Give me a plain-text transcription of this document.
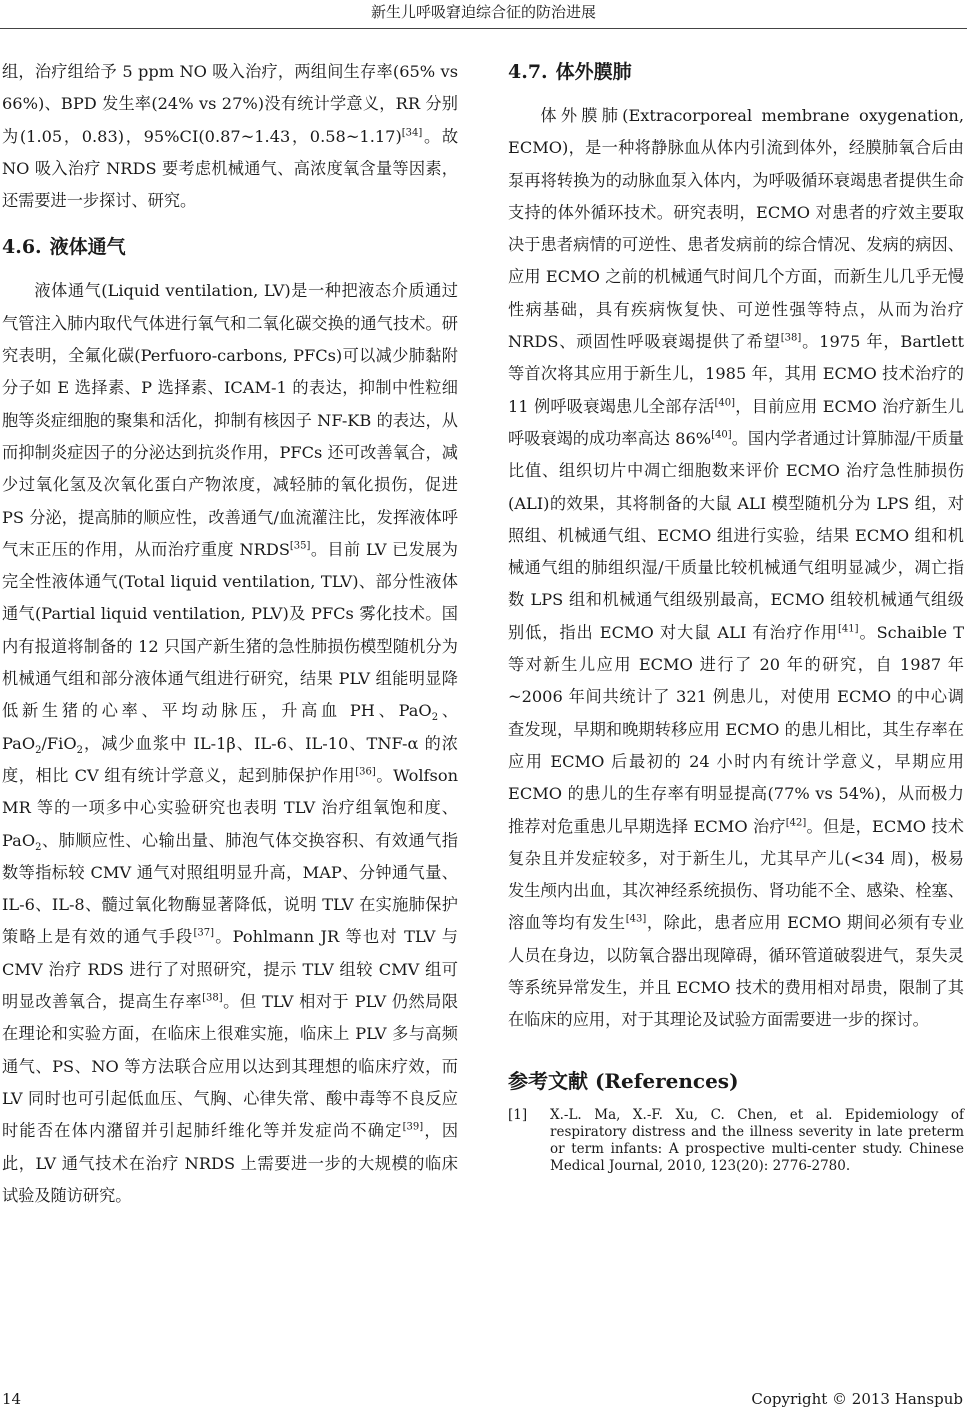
新生儿呼吸窘迫综合征的防治进展

组，治疗组给予 5 ppm NO 吸入治疗，两组间生存率(65% vs 66%)、BPD 发生率(24% vs 27%)没有统计学意义，RR 分别为(1.05，0.83)，95%CI(0.87~1.43，0.58~1.17)[34]。故 NO 吸入治疗 NRDS 要考虑机械通气、高浓度氧含量等因素，还需要进一步探讨、研究。

4.6. 液体通气

液体通气(Liquid ventilation, LV)是一种把液态介质通过气管注入肺内取代气体进行氧气和二氧化碳交换的通气技术。研究表明，全氟化碳(Perfuoro-carbons, PFCs)可以减少肺黏附分子如 E 选择素、P 选择素、ICAM-1 的表达，抑制中性粒细胞等炎症细胞的聚集和活化，抑制有核因子 NF-KB 的表达，从而抑制炎症因子的分泌达到抗炎作用，PFCs 还可改善氧合，减少过氧化氢及次氧化蛋白产物浓度，减轻肺的氧化损伤，促进 PS 分泌，提高肺的顺应性，改善通气/血流灌注比，发挥液体呼气末正压的作用，从而治疗重度 NRDS[35]。目前 LV 已发展为完全性液体通气(Total liquid ventilation, TLV)、部分性液体通气(Partial liquid ventilation, PLV)及 PFCs 雾化技术。国内有报道将制备的 12 只国产新生猪的急性肺损伤模型随机分为机械通气组和部分液体通气组进行研究，结果 PLV 组能明显降低新生猪的心率、平均动脉压，升高血 PH、PaO$_2$、PaO$_2$/FiO$_2$，减少血浆中 IL-1β、IL-6、IL-10、TNF-α 的浓度，相比 CV 组有统计学意义，起到肺保护作用[36]。Wolfson MR 等的一项多中心实验研究也表明 TLV 治疗组氧饱和度、PaO$_2$、肺顺应性、心输出量、肺泡气体交换容积、有效通气指数等指标较 CMV 通气对照组明显升高，MAP、分钟通气量、IL-6、IL-8、髓过氧化物酶显著降低，说明 TLV 在实施肺保护策略上是有效的通气手段[37]。Pohlmann JR 等也对 TLV 与 CMV 治疗 RDS 进行了对照研究，提示 TLV 组较 CMV 组可明显改善氧合，提高生存率[38]。但 TLV 相对于 PLV 仍然局限在理论和实验方面，在临床上很难实施，临床上 PLV 多与高频通气、PS、NO 等方法联合应用以达到其理想的临床疗效，而 LV 同时也可引起低血压、气胸、心律失常、酸中毒等不良反应时能否在体内潴留并引起肺纤维化等并发症尚不确定[39]，因此，LV 通气技术在治疗 NRDS 上需要进一步的大规模的临床试验及随访研究。

4.7. 体外膜肺

体外膜肺(Extracorporeal membrane oxygenation, ECMO)，是一种将静脉血从体内引流到体外，经膜肺氧合后由泵再将转换为的动脉血泵入体内，为呼吸循环衰竭患者提供生命支持的体外循环技术。研究表明，ECMO 对患者的疗效主要取决于患者病情的可逆性、患者发病前的综合情况、发病的病因、应用 ECMO 之前的机械通气时间几个方面，而新生儿几乎无慢性病基础，具有疾病恢复快、可逆性强等特点，从而为治疗 NRDS、顽固性呼吸衰竭提供了希望[38]。1975 年，Bartlett 等首次将其应用于新生儿，1985 年，其用 ECMO 技术治疗的 11 例呼吸衰竭患儿全部存活[40]，目前应用 ECMO 治疗新生儿呼吸衰竭的成功率高达 86%[40]。国内学者通过计算肺湿/干质量比值、组织切片中凋亡细胞数来评价 ECMO 治疗急性肺损伤(ALI)的效果，其将制备的大鼠 ALI 模型随机分为 LPS 组，对照组、机械通气组、ECMO 组进行实验，结果 ECMO 组和机械通气组的肺组织湿/干质量比较机械通气组明显减少，凋亡指数 LPS 组和机械通气组级别最高，ECMO 组较机械通气组级别低，指出 ECMO 对大鼠 ALI 有治疗作用[41]。Schaible T 等对新生儿应用 ECMO 进行了 20 年的研究，自 1987 年~2006 年间共统计了 321 例患儿，对使用 ECMO 的中心调查发现，早期和晚期转移应用 ECMO 的患儿相比，其生存率在应用 ECMO 后最初的 24 小时内有统计学意义，早期应用 ECMO 的患儿的生存率有明显提高(77% vs 54%)，从而极力推荐对危重患儿早期选择 ECMO 治疗[42]。但是，ECMO 技术复杂且并发症较多，对于新生儿，尤其早产儿(<34 周)，极易发生颅内出血，其次神经系统损伤、肾功能不全、感染、栓塞、溶血等均有发生[43]，除此，患者应用 ECMO 期间必须有专业人员在身边，以防氧合器出现障碍，循环管道破裂进气，泵失灵等系统异常发生，并且 ECMO 技术的费用相对昂贵，限制了其在临床的应用，对于其理论及试验方面需要进一步的探讨。

参考文献 (References)
[1]	X.-L. Ma, X.-F. Xu, C. Chen, et al. Epidemiology of respiratory distress and the illness severity in late preterm or term infants: A prospective multi-center study. Chinese Medical Journal, 2010, 123(20): 2776-2780.
14	Copyright © 2013 Hanspub
